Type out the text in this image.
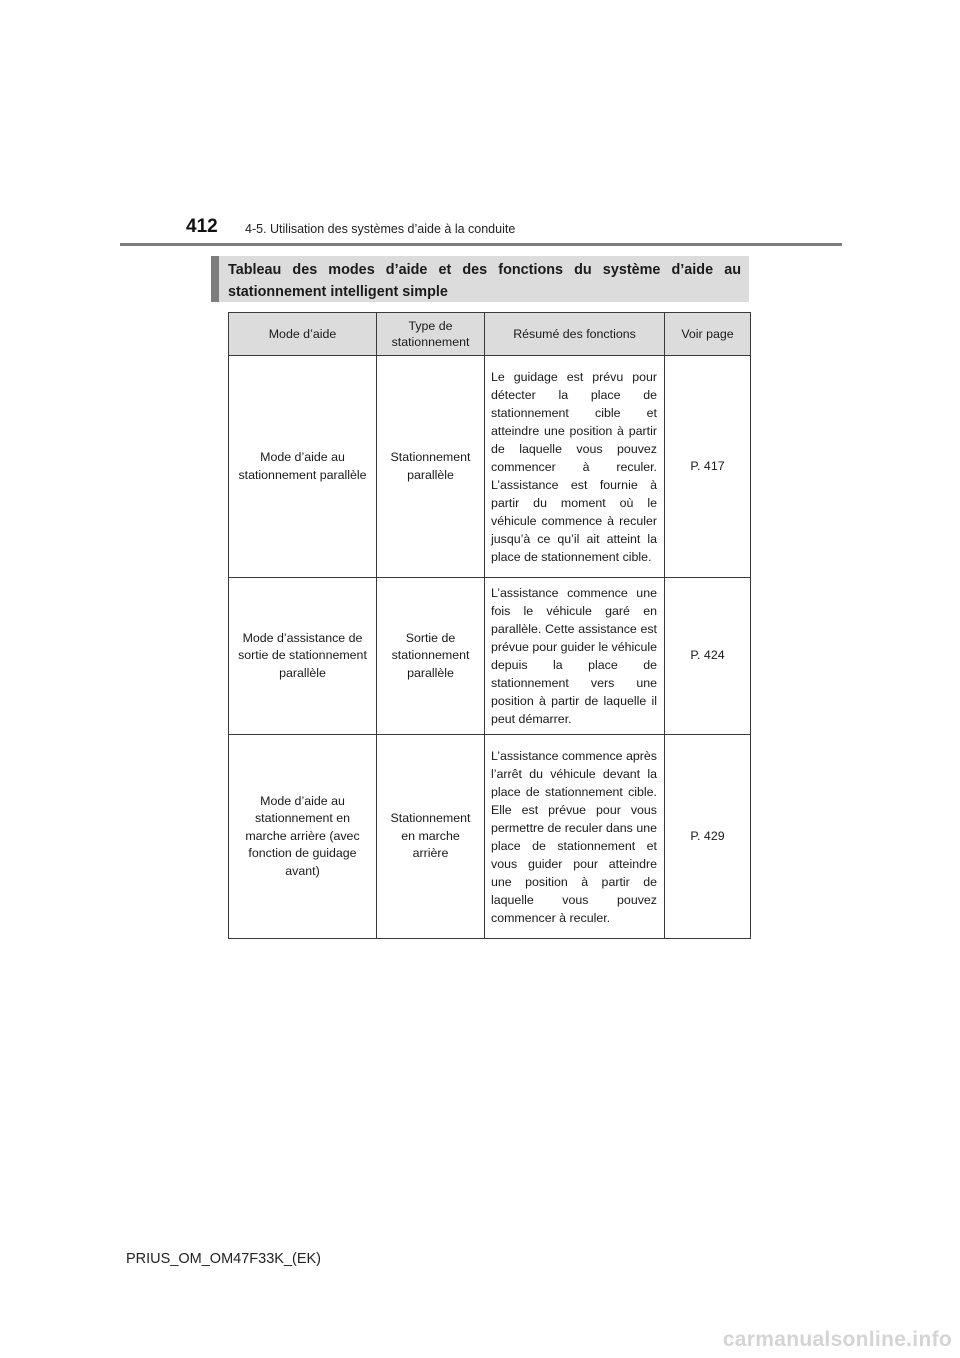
412 4-5. Utilisation des systèmes d’aide à la conduite
Tableau des modes d’aide et des fonctions du système d’aide au stationnement intelligent simple
Mode d’aide	Type de stationnement	Résumé des fonctions	Voir page
Mode d’aide au stationnement parallèle	Stationnement parallèle	Le guidage est prévu pour détecter la place de stationnement cible et atteindre une position à partir de laquelle vous pouvez commencer à reculer. L’assistance est fournie à partir du moment où le véhicule commence à reculer jusqu’à ce qu’il ait atteint la place de stationnement cible.	P. 417
Mode d’assistance de sortie de stationnement parallèle	Sortie de stationnement parallèle	L’assistance commence une fois le véhicule garé en parallèle. Cette assistance est prévue pour guider le véhicule depuis la place de stationnement vers une position à partir de laquelle il peut démarrer.	P. 424
Mode d’aide au stationnement en marche arrière (avec fonction de guidage avant)	Stationnement en marche arrière	L’assistance commence après l’arrêt du véhicule devant la place de stationnement cible. Elle est prévue pour vous permettre de reculer dans une place de stationnement et vous guider pour atteindre une position à partir de laquelle vous pouvez commencer à reculer.	P. 429
PRIUS_OM_OM47F33K_(EK)
carmanualsonline.info
